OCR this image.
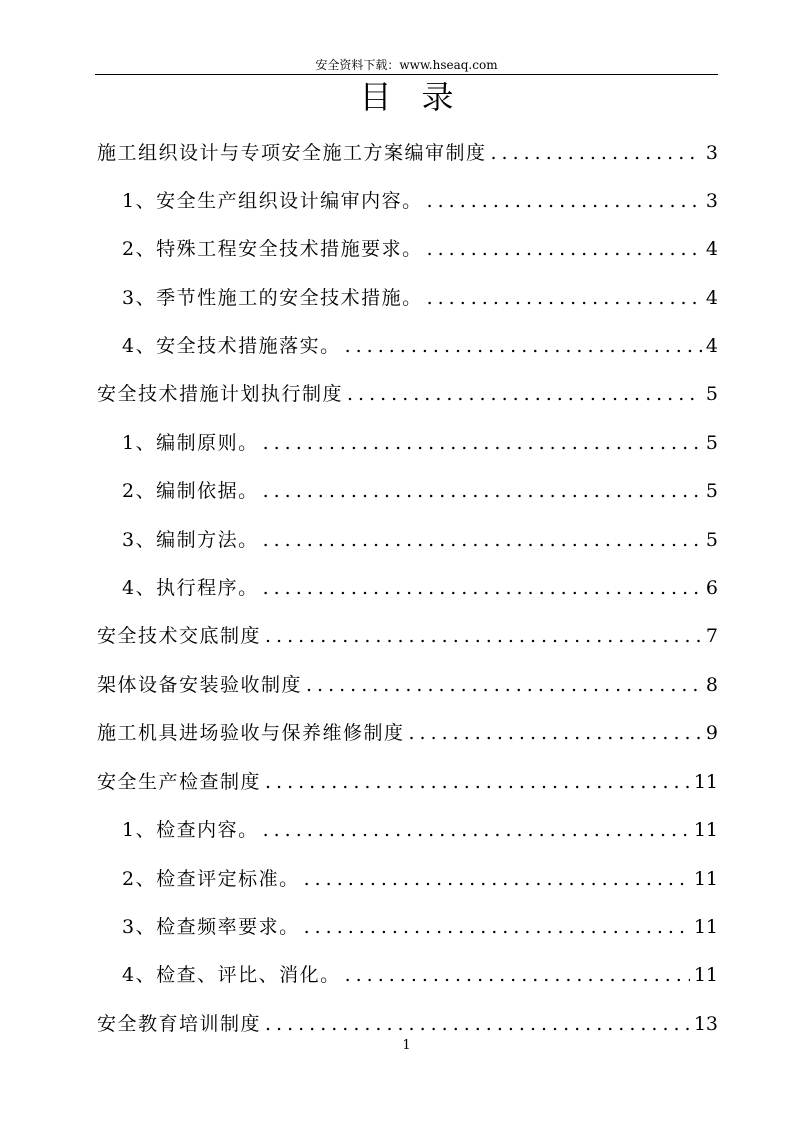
安全资料下载：www.hseaq.com
目录
施工组织设计与专项安全施工方案编审制度 .....	3
1、安全生产组织设计编审内容。 .....	3
2、特殊工程安全技术措施要求。 .....	4
3、季节性施工的安全技术措施。 .....	4
4、安全技术措施落实。 .....	4
安全技术措施计划执行制度 .....	5
1、编制原则。 .....	5
2、编制依据。 .....	5
3、编制方法。 .....	5
4、执行程序。 .....	6
安全技术交底制度 .....	7
架体设备安装验收制度 .....	8
施工机具进场验收与保养维修制度 .....	9
安全生产检查制度 .....	11
1、检查内容。 .....	11
2、检查评定标准。 .....	11
3、检查频率要求。 .....	11
4、检查、评比、消化。 .....	11
安全教育培训制度 .....	13
1
